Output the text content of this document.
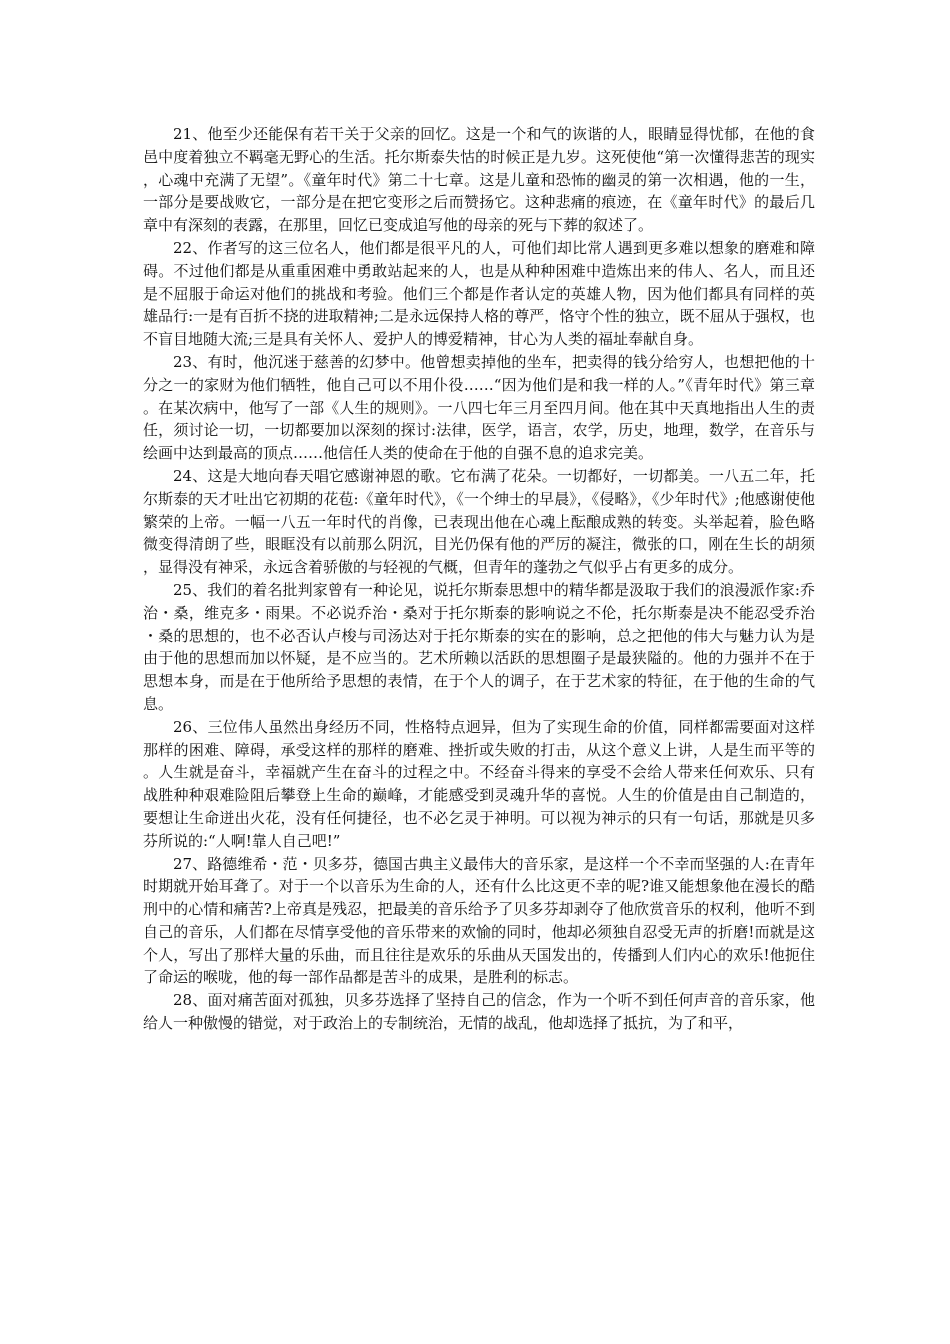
21、他至少还能保有若干关于父亲的回忆。这是一个和气的诙谐的人，眼睛显得忧郁，在他的食邑中度着独立不羁毫无野心的生活。托尔斯泰失怙的时候正是九岁。这死使他“第一次懂得悲苦的现实，心魂中充满了无望”。《童年时代》第二十七章。这是儿童和恐怖的幽灵的第一次相遇，他的一生，一部分是要战败它，一部分是在把它变形之后而赞扬它。这种悲痛的痕迹，在《童年时代》的最后几章中有深刻的表露，在那里，回忆已变成追写他的母亲的死与下葬的叙述了。

22、作者写的这三位名人，他们都是很平凡的人，可他们却比常人遇到更多难以想象的磨难和障碍。不过他们都是从重重困难中勇敢站起来的人，也是从种种困难中造炼出来的伟人、名人，而且还是不屈服于命运对他们的挑战和考验。他们三个都是作者认定的英雄人物，因为他们都具有同样的英雄品行:一是有百折不挠的进取精神;二是永远保持人格的尊严，恪守个性的独立，既不屈从于强权，也不盲目地随大流;三是具有关怀人、爱护人的博爱精神，甘心为人类的福址奉献自身。

23、有时，他沉迷于慈善的幻梦中。他曾想卖掉他的坐车，把卖得的钱分给穷人，也想把他的十分之一的家财为他们牺牲，他自己可以不用仆役……“因为他们是和我一样的人。”《青年时代》第三章。在某次病中，他写了一部《人生的规则》。一八四七年三月至四月间。他在其中天真地指出人生的责任，须讨论一切，一切都要加以深刻的探讨:法律，医学，语言，农学，历史，地理，数学，在音乐与绘画中达到最高的顶点……他信任人类的使命在于他的自强不息的追求完美。

24、这是大地向春天唱它感谢神恩的歌。它布满了花朵。一切都好，一切都美。一八五二年，托尔斯泰的天才吐出它初期的花苞:《童年时代》，《一个绅士的早晨》，《侵略》，《少年时代》;他感谢使他繁荣的上帝。一幅一八五一年时代的肖像，已表现出他在心魂上酝酿成熟的转变。头举起着，脸色略微变得清朗了些，眼眶没有以前那么阴沉，目光仍保有他的严厉的凝注，微张的口，刚在生长的胡须，显得没有神采，永远含着骄傲的与轻视的气概，但青年的蓬勃之气似乎占有更多的成分。

25、我们的着名批判家曾有一种论见，说托尔斯泰思想中的精华都是汲取于我们的浪漫派作家:乔治・桑，维克多・雨果。不必说乔治・桑对于托尔斯泰的影响说之不伦，托尔斯泰是决不能忍受乔治・桑的思想的，也不必否认卢梭与司汤达对于托尔斯泰的实在的影响，总之把他的伟大与魅力认为是由于他的思想而加以怀疑，是不应当的。艺术所赖以活跃的思想圈子是最狭隘的。他的力强并不在于思想本身，而是在于他所给予思想的表情，在于个人的调子，在于艺术家的特征，在于他的生命的气息。

26、三位伟人虽然出身经历不同，性格特点迥异，但为了实现生命的价值，同样都需要面对这样那样的困难、障碍，承受这样的那样的磨难、挫折或失败的打击，从这个意义上讲，人是生而平等的。人生就是奋斗，幸福就产生在奋斗的过程之中。不经奋斗得来的享受不会给人带来任何欢乐、只有战胜种种艰难险阻后攀登上生命的巅峰，才能感受到灵魂升华的喜悦。人生的价值是由自己制造的，要想让生命迸出火花，没有任何捷径，也不必乞灵于神明。可以视为神示的只有一句话，那就是贝多芬所说的:“人啊!靠人自己吧!”

27、路德维希・范・贝多芬，德国古典主义最伟大的音乐家，是这样一个不幸而坚强的人:在青年时期就开始耳聋了。对于一个以音乐为生命的人，还有什么比这更不幸的呢?谁又能想象他在漫长的酷刑中的心情和痛苦?上帝真是残忍，把最美的音乐给予了贝多芬却剥夺了他欣赏音乐的权利，他听不到自己的音乐，人们都在尽情享受他的音乐带来的欢愉的同时，他却必须独自忍受无声的折磨!而就是这个人，写出了那样大量的乐曲，而且往往是欢乐的乐曲从天国发出的，传播到人们内心的欢乐!他扼住了命运的喉咙，他的每一部作品都是苦斗的成果，是胜利的标志。

28、面对痛苦面对孤独，贝多芬选择了坚持自己的信念，作为一个听不到任何声音的音乐家，他给人一种傲慢的错觉，对于政治上的专制统治，无情的战乱，他却选择了抵抗，为了和平，
